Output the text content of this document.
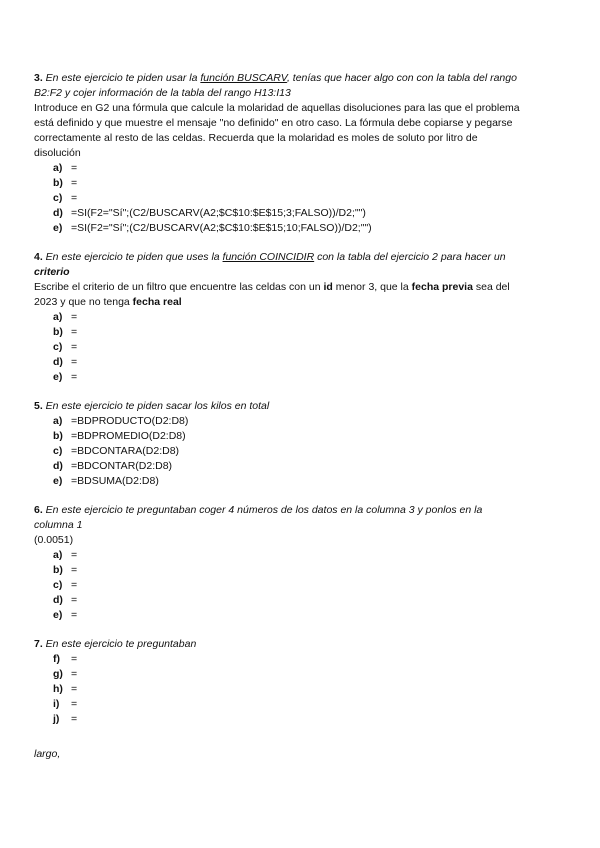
3. En este ejercicio te piden usar la función BUSCARV, tenías que hacer algo con con la tabla del rango B2:F2 y cojer información de la tabla del rango H13:I13

Introduce en G2 una fórmula que calcule la molaridad de aquellas disoluciones para las que el problema está definido y que muestre el mensaje "no definido" en otro caso. La fórmula debe copiarse y pegarse correctamente al resto de las celdas. Recuerda que la molaridad es moles de soluto por litro de disolución

a) =
b) =
c) =
d) =SI(F2="Sí";(C2/BUSCARV(A2;$C$10:$E$15;3;FALSO))/D2;"")
e) =SI(F2="Sí";(C2/BUSCARV(A2;$C$10:$E$15;10;FALSO))/D2;"")

4. En este ejercicio te piden que uses la función COINCIDIR con la tabla del ejercicio 2 para hacer un criterio

Escribe el criterio de un filtro que encuentre las celdas con un id menor 3, que la fecha previa sea del 2023 y que no tenga fecha real

a) =
b) =
c) =
d) =
e) =

5. En este ejercicio te piden sacar los kilos en total

a) =BDPRODUCTO(D2:D8)
b) =BDPROMEDIO(D2:D8)
c) =BDCONTARA(D2:D8)
d) =BDCONTAR(D2:D8)
e) =BDSUMA(D2:D8)

6. En este ejercicio te preguntaban coger 4 números de los datos en la columna 3 y ponlos en la columna 1

(0.0051)

a) =
b) =
c) =
d) =
e) =

7. En este ejercicio te preguntaban

f) =
g) =
h) =
i) =
j) =

largo,
